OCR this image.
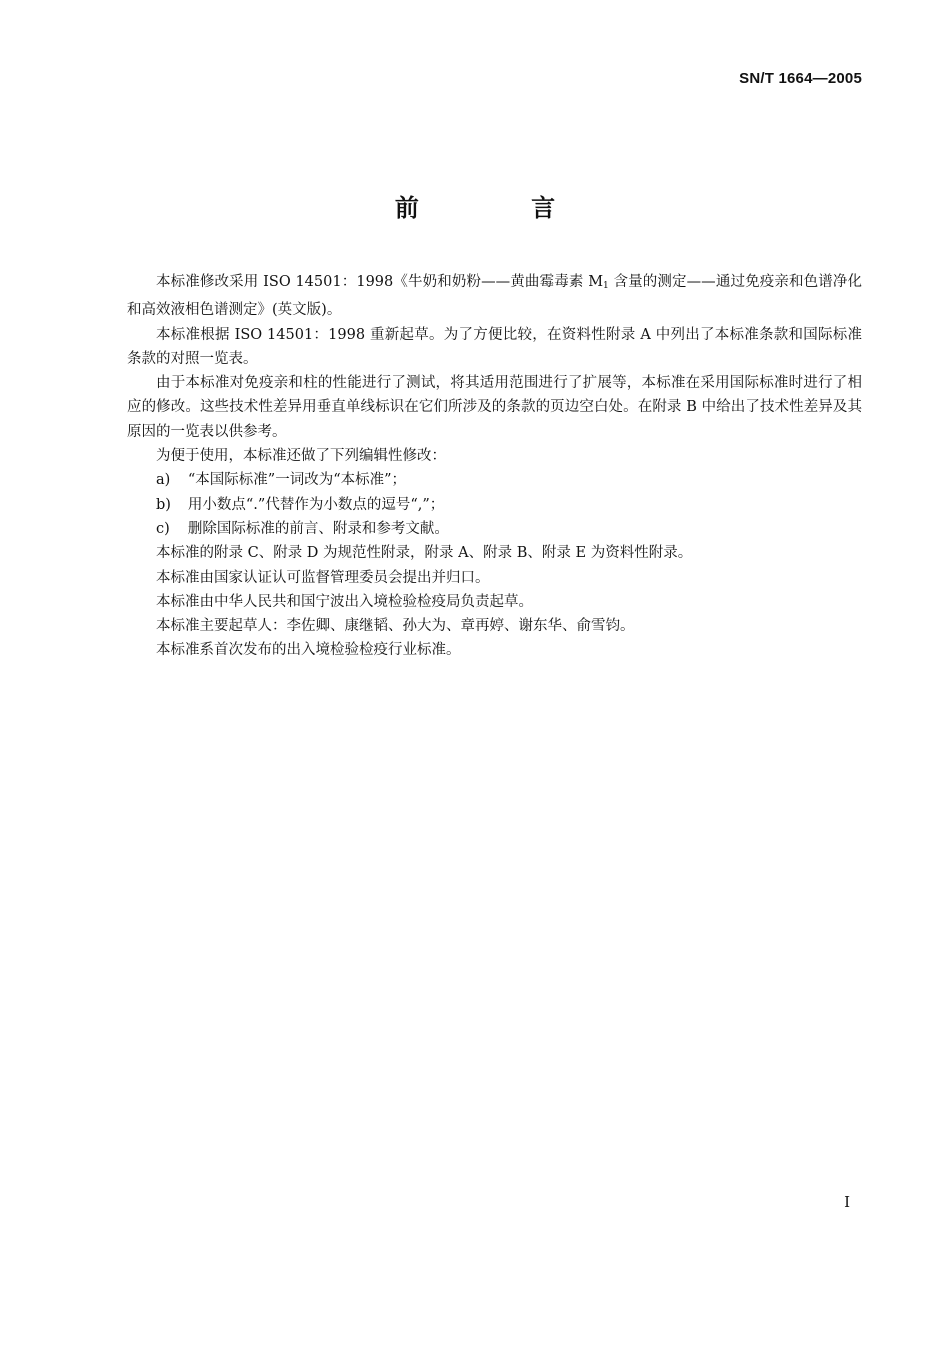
SN/T 1664—2005
前 言

本标准修改采用 ISO 14501：1998《牛奶和奶粉——黄曲霉毒素 $M_1$ 含量的测定——通过免疫亲和色谱净化和高效液相色谱测定》(英文版)。

本标准根据 ISO 14501：1998 重新起草。为了方便比较，在资料性附录 A 中列出了本标准条款和国际标准条款的对照一览表。

由于本标准对免疫亲和柱的性能进行了测试，将其适用范围进行了扩展等，本标准在采用国际标准时进行了相应的修改。这些技术性差异用垂直单线标识在它们所涉及的条款的页边空白处。在附录 B 中给出了技术性差异及其原因的一览表以供参考。

为便于使用，本标准还做了下列编辑性修改：

a) “本国际标准”一词改为“本标准”；

b) 用小数点“.”代替作为小数点的逗号“,”；

c) 删除国际标准的前言、附录和参考文献。

本标准的附录 C、附录 D 为规范性附录，附录 A、附录 B、附录 E 为资料性附录。

本标准由国家认证认可监督管理委员会提出并归口。

本标准由中华人民共和国宁波出入境检验检疫局负责起草。

本标准主要起草人：李佐卿、康继韬、孙大为、章再婷、谢东华、俞雪钧。

本标准系首次发布的出入境检验检疫行业标准。

I
